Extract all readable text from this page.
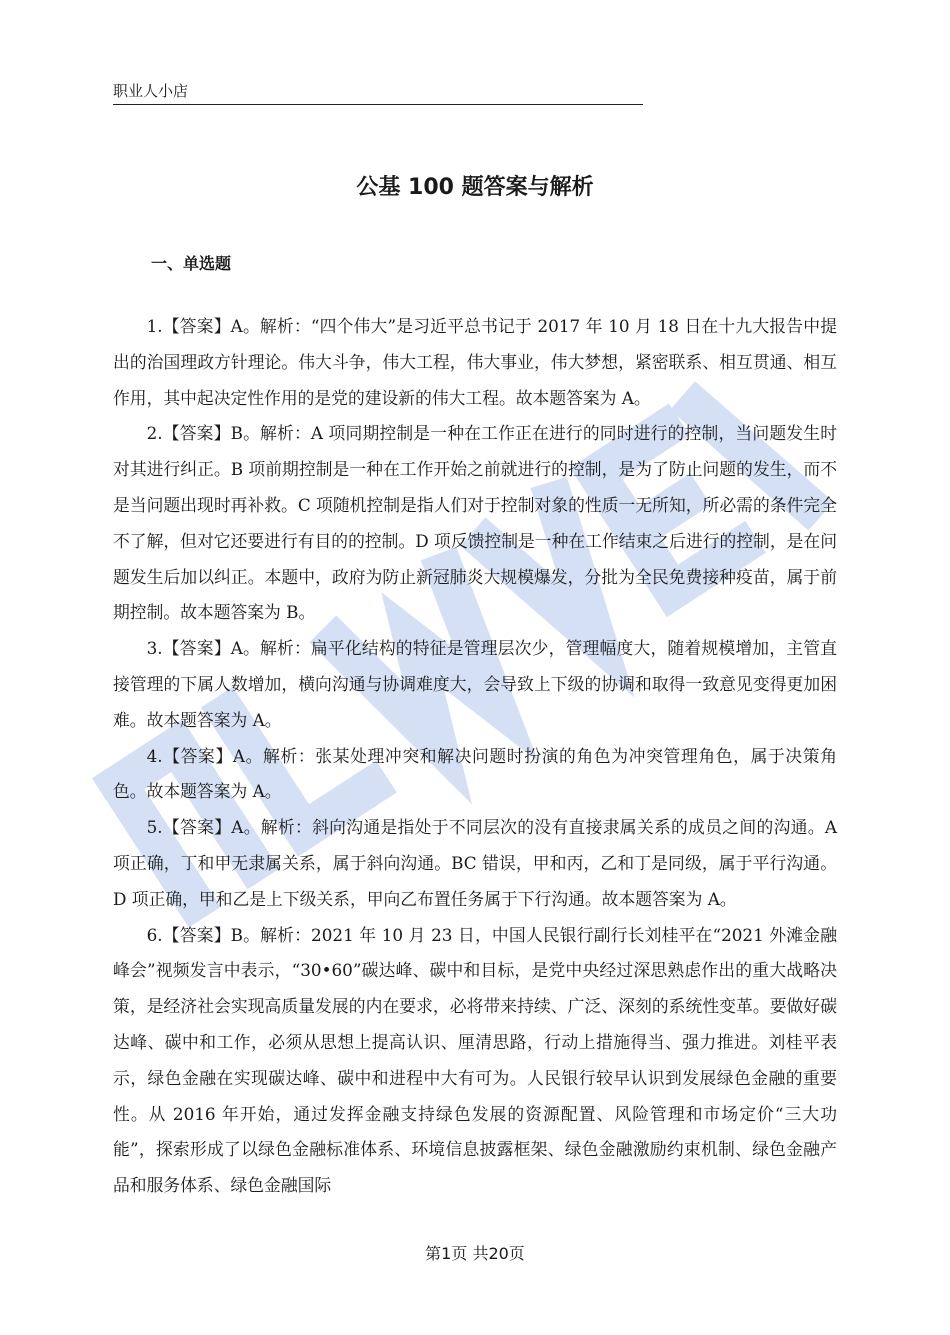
职业人小店
公基 100 题答案与解析
一、单选题

1.【答案】A。解析：“四个伟大”是习近平总书记于 2017 年 10 月 18 日在十九大报告中提出的治国理政方针理论。伟大斗争，伟大工程，伟大事业，伟大梦想，紧密联系、相互贯通、相互作用，其中起决定性作用的是党的建设新的伟大工程。故本题答案为 A。

2.【答案】B。解析：A 项同期控制是一种在工作正在进行的同时进行的控制，当问题发生时对其进行纠正。B 项前期控制是一种在工作开始之前就进行的控制，是为了防止问题的发生，而不是当问题出现时再补救。C 项随机控制是指人们对于控制对象的性质一无所知，所必需的条件完全不了解，但对它还要进行有目的的控制。D 项反馈控制是一种在工作结束之后进行的控制，是在问题发生后加以纠正。本题中，政府为防止新冠肺炎大规模爆发，分批为全民免费接种疫苗，属于前期控制。故本题答案为 B。

3.【答案】A。解析：扁平化结构的特征是管理层次少，管理幅度大，随着规模增加，主管直接管理的下属人数增加，横向沟通与协调难度大，会导致上下级的协调和取得一致意见变得更加困难。故本题答案为 A。

4.【答案】A。解析：张某处理冲突和解决问题时扮演的角色为冲突管理角色，属于决策角色。故本题答案为 A。

5.【答案】A。解析：斜向沟通是指处于不同层次的没有直接隶属关系的成员之间的沟通。A 项正确，丁和甲无隶属关系，属于斜向沟通。BC 错误，甲和丙，乙和丁是同级，属于平行沟通。D 项正确，甲和乙是上下级关系，甲向乙布置任务属于下行沟通。故本题答案为 A。

6.【答案】B。解析：2021 年 10 月 23 日，中国人民银行副行长刘桂平在“2021 外滩金融峰会”视频发言中表示，“30•60”碳达峰、碳中和目标，是党中央经过深思熟虑作出的重大战略决策，是经济社会实现高质量发展的内在要求，必将带来持续、广泛、深刻的系统性变革。要做好碳达峰、碳中和工作，必须从思想上提高认识、厘清思路，行动上措施得当、强力推进。刘桂平表示，绿色金融在实现碳达峰、碳中和进程中大有可为。人民银行较早认识到发展绿色金融的重要性。从 2016 年开始，通过发挥金融支持绿色发展的资源配置、风险管理和市场定价“三大功能”，探索形成了以绿色金融标准体系、环境信息披露框架、绿色金融激励约束机制、绿色金融产品和服务体系、绿色金融国际

第1页 共20页
